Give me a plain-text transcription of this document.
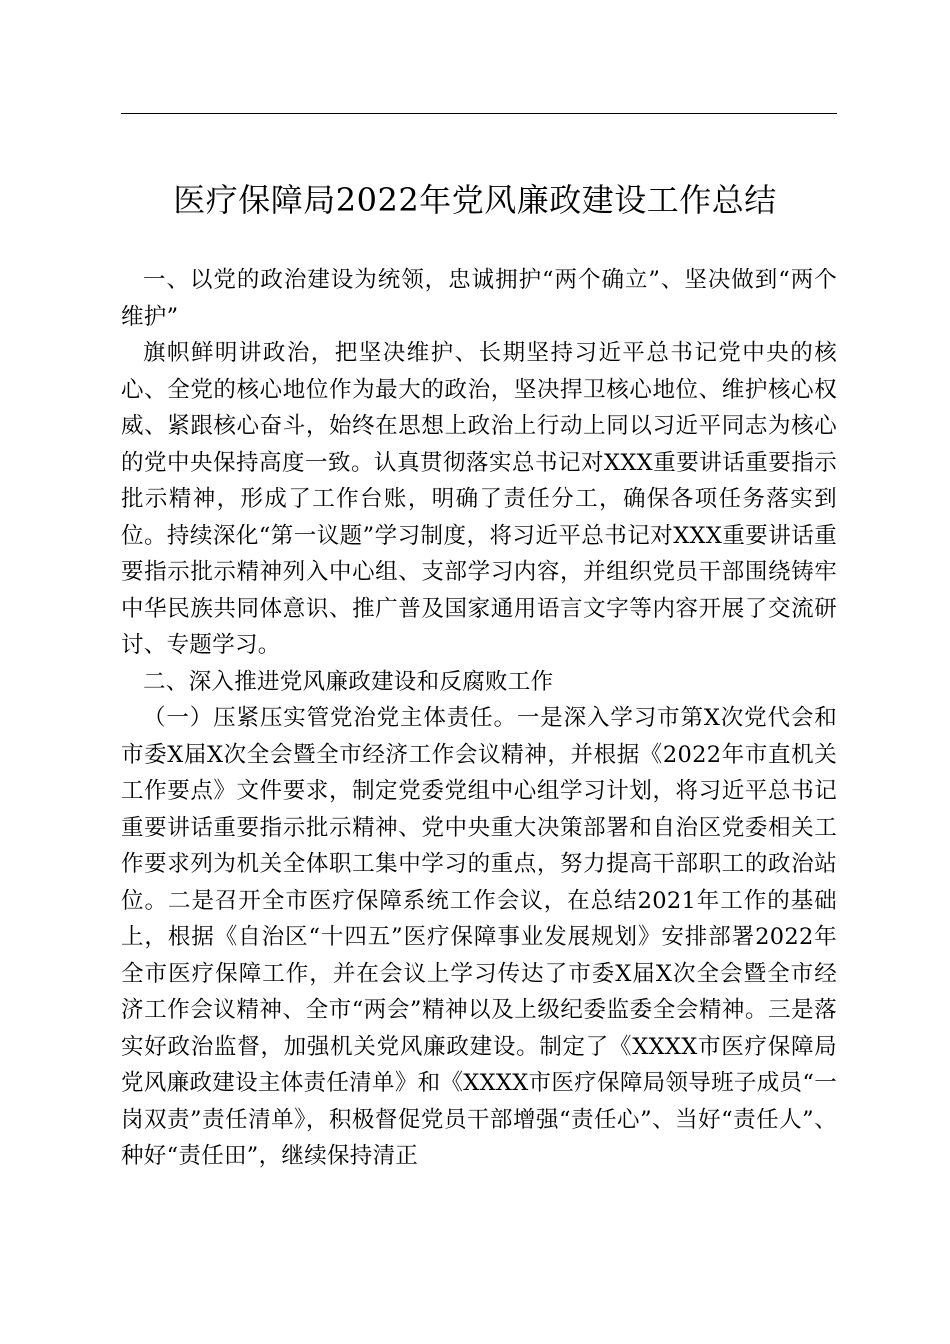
医疗保障局2022年党风廉政建设工作总结

一、以党的政治建设为统领，忠诚拥护“两个确立”、坚决做到“两个维护”

旗帜鲜明讲政治，把坚决维护、长期坚持习近平总书记党中央的核心、全党的核心地位作为最大的政治，坚决捍卫核心地位、维护核心权威、紧跟核心奋斗，始终在思想上政治上行动上同以习近平同志为核心的党中央保持高度一致。认真贯彻落实总书记对XXX重要讲话重要指示批示精神，形成了工作台账，明确了责任分工，确保各项任务落实到位。持续深化“第一议题”学习制度，将习近平总书记对XXX重要讲话重要指示批示精神列入中心组、支部学习内容，并组织党员干部围绕铸牢中华民族共同体意识、推广普及国家通用语言文字等内容开展了交流研讨、专题学习。

二、深入推进党风廉政建设和反腐败工作

（一）压紧压实管党治党主体责任。一是深入学习市第X次党代会和市委X届X次全会暨全市经济工作会议精神，并根据《2022年市直机关工作要点》文件要求，制定党委党组中心组学习计划，将习近平总书记重要讲话重要指示批示精神、党中央重大决策部署和自治区党委相关工作要求列为机关全体职工集中学习的重点，努力提高干部职工的政治站位。二是召开全市医疗保障系统工作会议，在总结2021年工作的基础上，根据《自治区“十四五”医疗保障事业发展规划》安排部署2022年全市医疗保障工作，并在会议上学习传达了市委X届X次全会暨全市经济工作会议精神、全市“两会”精神以及上级纪委监委全会精神。三是落实好政治监督，加强机关党风廉政建设。制定了《XXXX市医疗保障局党风廉政建设主体责任清单》和《XXXX市医疗保障局领导班子成员“一岗双责”责任清单》，积极督促党员干部增强“责任心”、当好“责任人”、种好“责任田”，继续保持清正
